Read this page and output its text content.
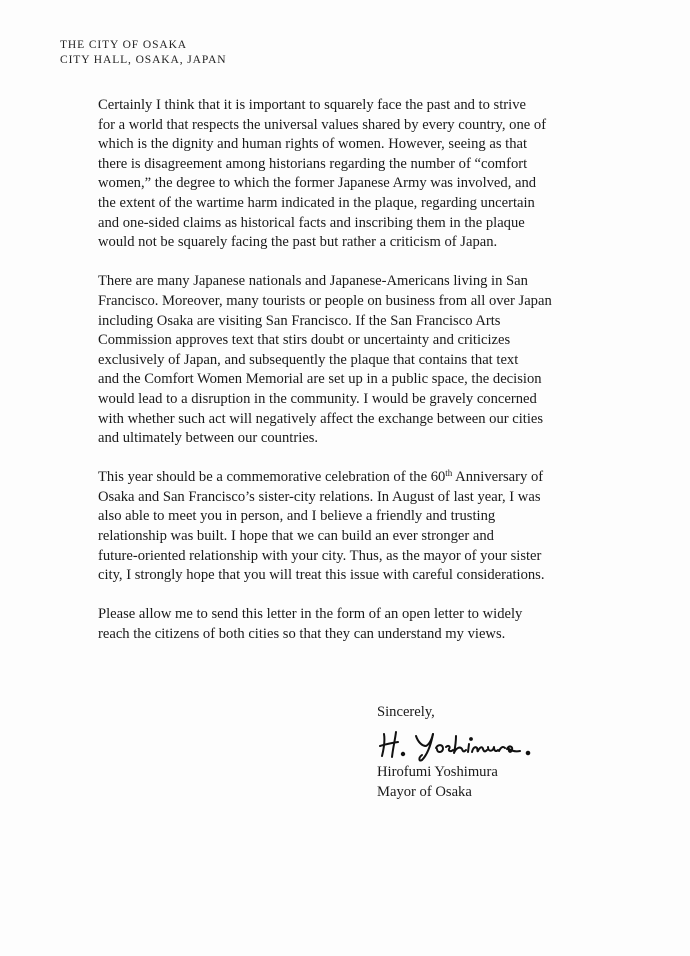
THE CITY OF OSAKA
CITY HALL, OSAKA, JAPAN

Certainly I think that it is important to squarely face the past and to strive

for a world that respects the universal values shared by every country, one of

which is the dignity and human rights of women. However, seeing as that

there is disagreement among historians regarding the number of “comfort

women,” the degree to which the former Japanese Army was involved, and

the extent of the wartime harm indicated in the plaque, regarding uncertain

and one-sided claims as historical facts and inscribing them in the plaque

would not be squarely facing the past but rather a criticism of Japan.

There are many Japanese nationals and Japanese-Americans living in San

Francisco. Moreover, many tourists or people on business from all over Japan

including Osaka are visiting San Francisco. If the San Francisco Arts

Commission approves text that stirs doubt or uncertainty and criticizes

exclusively of Japan, and subsequently the plaque that contains that text

and the Comfort Women Memorial are set up in a public space, the decision

would lead to a disruption in the community. I would be gravely concerned

with whether such act will negatively affect the exchange between our cities

and ultimately between our countries.

This year should be a commemorative celebration of the 60th Anniversary of

Osaka and San Francisco’s sister-city relations. In August of last year, I was

also able to meet you in person, and I believe a friendly and trusting

relationship was built. I hope that we can build an ever stronger and

future-oriented relationship with your city. Thus, as the mayor of your sister

city, I strongly hope that you will treat this issue with careful considerations.

Please allow me to send this letter in the form of an open letter to widely

reach the citizens of both cities so that they can understand my views.

Sincerely,
Hirofumi Yoshimura
Mayor of Osaka
